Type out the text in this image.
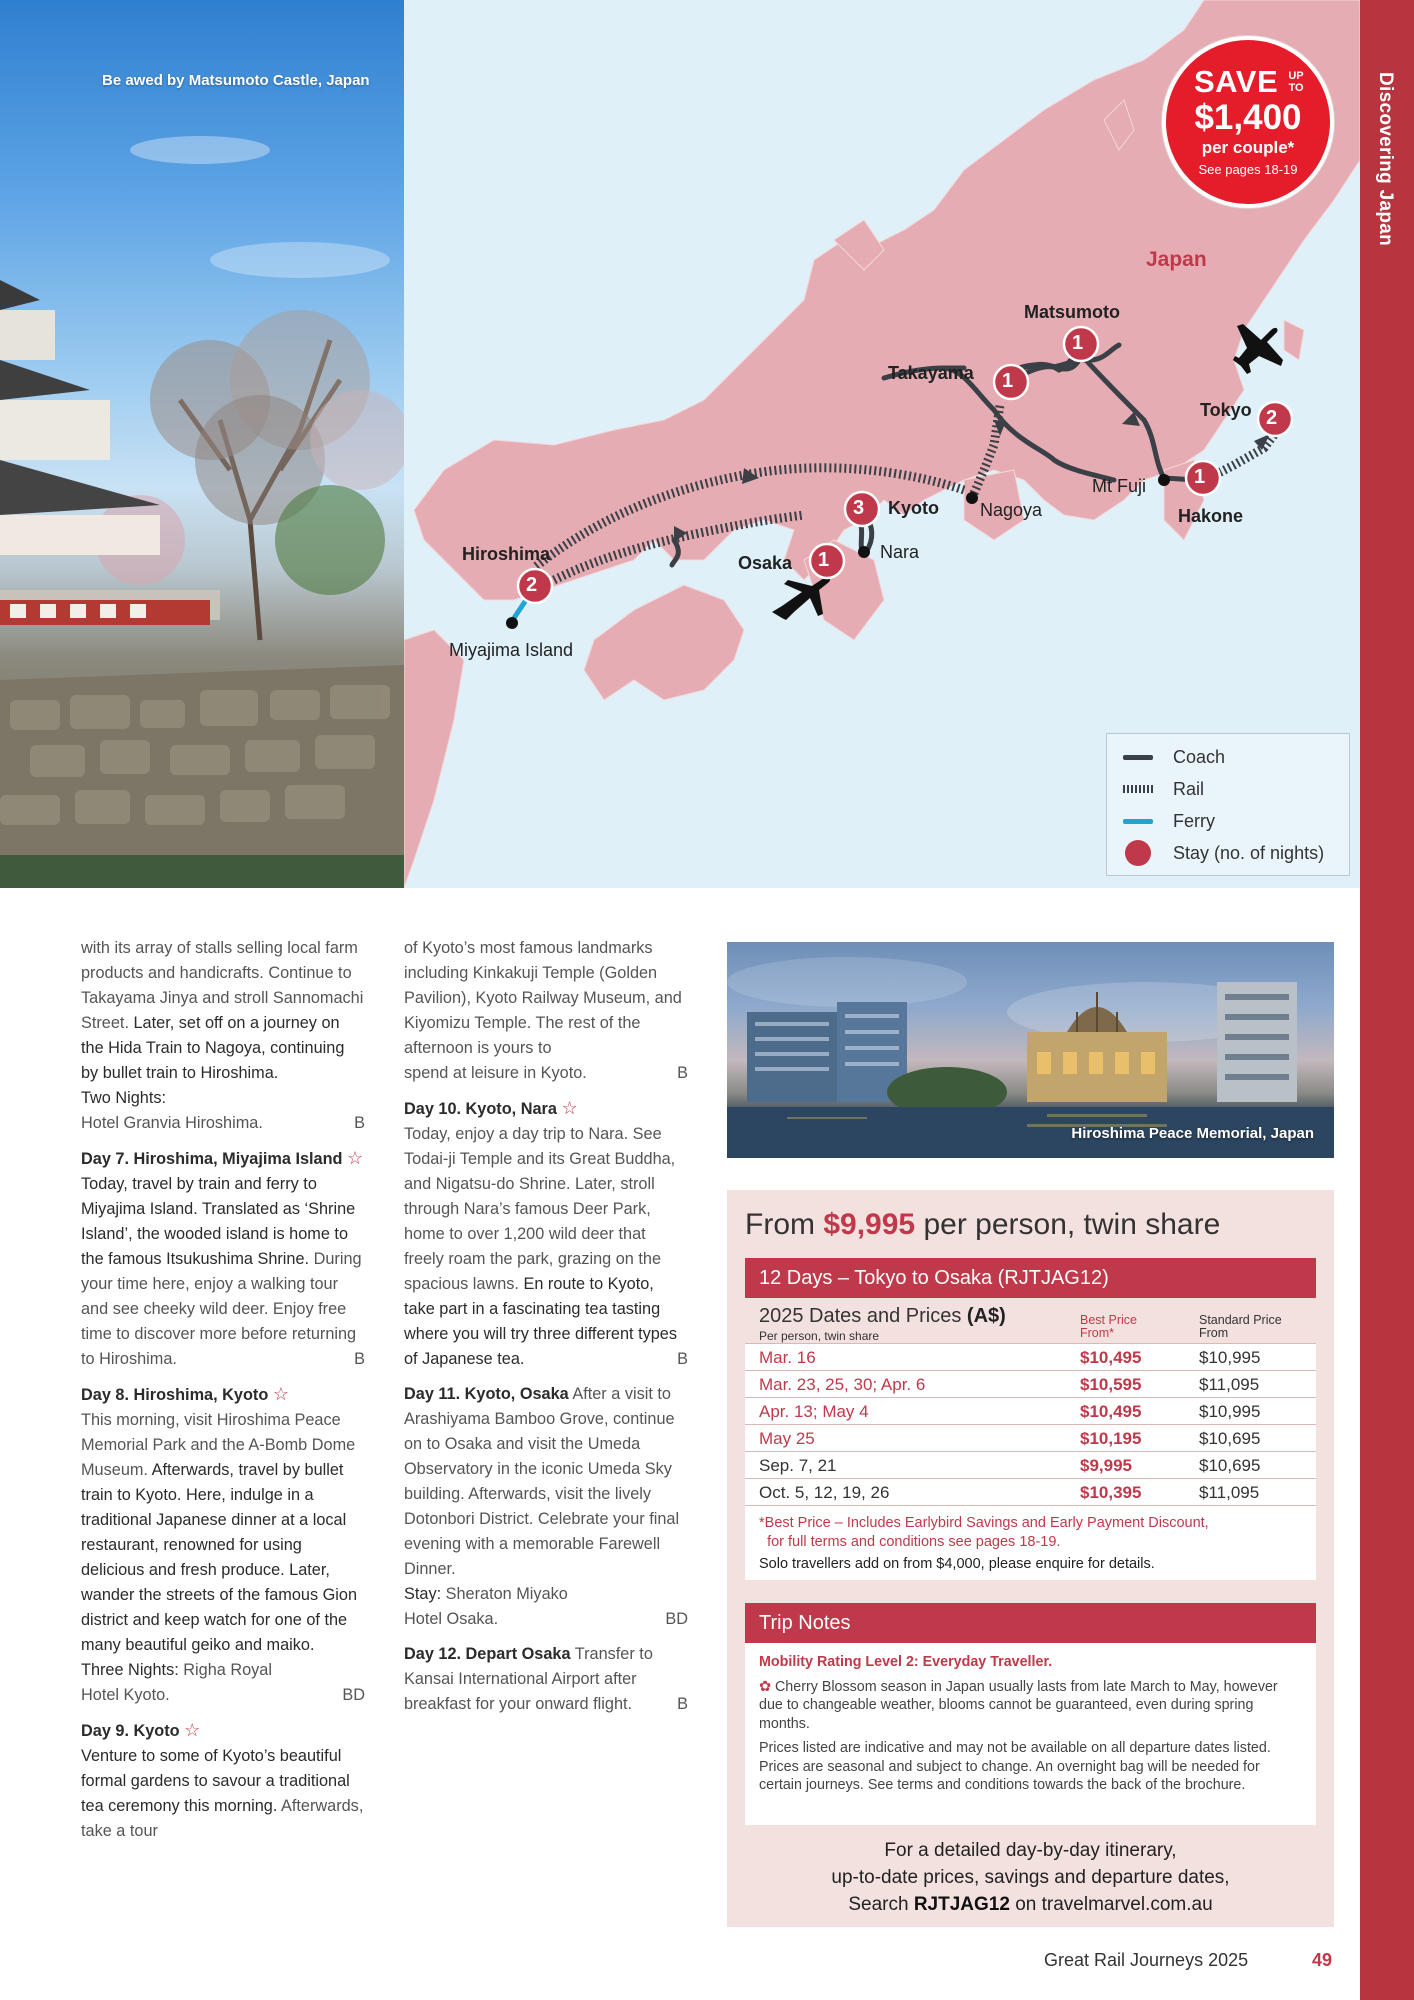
Be awed by Matsumoto Castle, Japan
1
1
2
1
3
1
2
Japan
Matsumoto
Takayama
Tokyo
Mt Fuji
Hakone
Nagoya
Kyoto
Nara
Osaka
Hiroshima
Miyajima Island
Coach
Rail
Ferry
Stay (no. of nights)
SAVE UP TO
$1,400
per couple*
See pages 18-19	Discovering Japan
with its array of stalls selling local farm products and handicrafts. Continue to Takayama Jinya and stroll Sannomachi Street. Later, set off on a journey on the Hida Train to Nagoya, continuing by bullet train to Hiroshima.
Two Nights:
Hotel Granvia Hiroshima.	B
Day 7. Hiroshima, Miyajima Island ☆
Today, travel by train and ferry to Miyajima Island. Translated as ‘Shrine Island’, the wooded island is home to the famous Itsukushima Shrine. During your time here, enjoy a walking tour and see cheeky wild deer. Enjoy free time to discover more before returning
to Hiroshima.	B
Day 8. Hiroshima, Kyoto ☆
This morning, visit Hiroshima Peace Memorial Park and the A-Bomb Dome Museum. Afterwards, travel by bullet train to Kyoto. Here, indulge in a traditional Japanese dinner at a local restaurant, renowned for using delicious and fresh produce. Later, wander the streets of the famous Gion district and keep watch for one of the many beautiful geiko and maiko.
Three Nights: Righa Royal
Hotel Kyoto.	BD
Day 9. Kyoto ☆
Venture to some of Kyoto’s beautiful formal gardens to savour a traditional tea ceremony this morning. Afterwards, take a tour
of Kyoto’s most famous landmarks including Kinkakuji Temple (Golden Pavilion), Kyoto Railway Museum, and Kiyomizu Temple. The rest of the afternoon is yours to
spend at leisure in Kyoto.	B
Day 10. Kyoto, Nara ☆
Today, enjoy a day trip to Nara. See Todai-ji Temple and its Great Buddha, and Nigatsu-do Shrine. Later, stroll through Nara’s famous Deer Park, home to over 1,200 wild deer that freely roam the park, grazing on the spacious lawns. En route to Kyoto, take part in a fascinating tea tasting where you will try three different types
of Japanese tea.	B
Day 11. Kyoto, Osaka After a visit to Arashiyama Bamboo Grove, continue on to Osaka and visit the Umeda Observatory in the iconic Umeda Sky building. Afterwards, visit the lively Dotonbori District. Celebrate your final evening with a memorable Farewell Dinner.
Stay: Sheraton Miyako
Hotel Osaka.	BD
Day 12. Depart Osaka Transfer to Kansai International Airport after
breakfast for your onward flight.	B
Hiroshima Peace Memorial, Japan
From $9,995 per person, twin share
12 Days – Tokyo to Osaka (RJTJAG12)
2025 Dates and Prices (A$)
Per person, twin share
Best Price
From*
Standard Price
From
Mar. 16	$10,495	$10,995
Mar. 23, 25, 30; Apr. 6	$10,595	$11,095
Apr. 13; May 4	$10,495	$10,995
May 25	$10,195	$10,695
Sep. 7, 21	$9,995	$10,695
Oct. 5, 12, 19, 26	$10,395	$11,095
*Best Price – Includes Earlybird Savings and Early Payment Discount,
for full terms and conditions see pages 18-19.
Solo travellers add on from $4,000, please enquire for details.
Trip Notes
Mobility Rating Level 2: Everyday Traveller.
✿ Cherry Blossom season in Japan usually lasts from late March to May, however due to changeable weather, blooms cannot be guaranteed, even during spring months.
Prices listed are indicative and may not be available on all departure dates listed. Prices are seasonal and subject to change. An overnight bag will be needed for certain journeys. See terms and conditions towards the back of the brochure.
For a detailed day-by-day itinerary,
up-to-date prices, savings and departure dates,
Search RJTJAG12 on travelmarvel.com.au
Great Rail Journeys 2025	49
